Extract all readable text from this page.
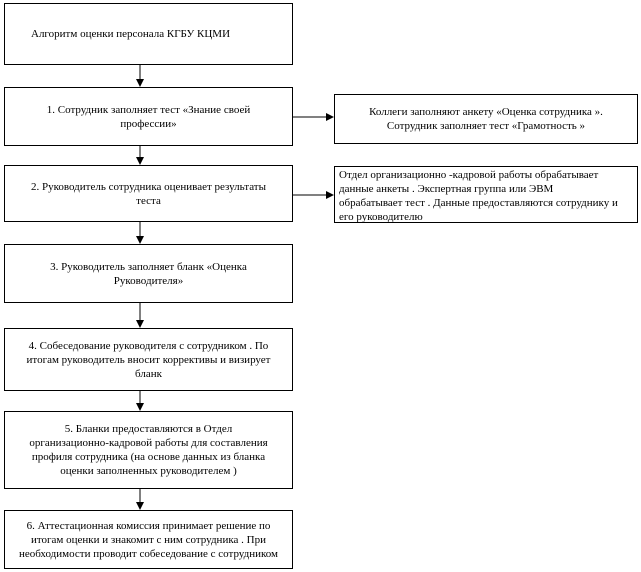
Алгоритм оценки персонала КГБУ КЦМИ
1. Сотрудник заполняет тест «Знание своей
профессии»
2. Руководитель сотрудника оценивает результаты
теста
3. Руководитель заполняет бланк «Оценка
Руководителя»
4. Собеседование руководителя с сотрудником . По
итогам руководитель вносит коррективы и визирует
бланк
5. Бланки предоставляются в Отдел
организационно-кадровой работы для составления
профиля сотрудника (на основе данных из бланка
оценки заполненных руководителем )
6. Аттестационная комиссия принимает решение по
итогам оценки и знакомит с ним сотрудника . При
необходимости проводит собеседование с сотрудником
Коллеги заполняют анкету «Оценка сотрудника ».
Сотрудник заполняет тест «Грамотность »
Отдел организационно -кадровой работы обрабатывает
данные анкеты . Экспертная группа или ЭВМ
обрабатывает тест . Данные предоставляются сотруднику и
его руководителю
